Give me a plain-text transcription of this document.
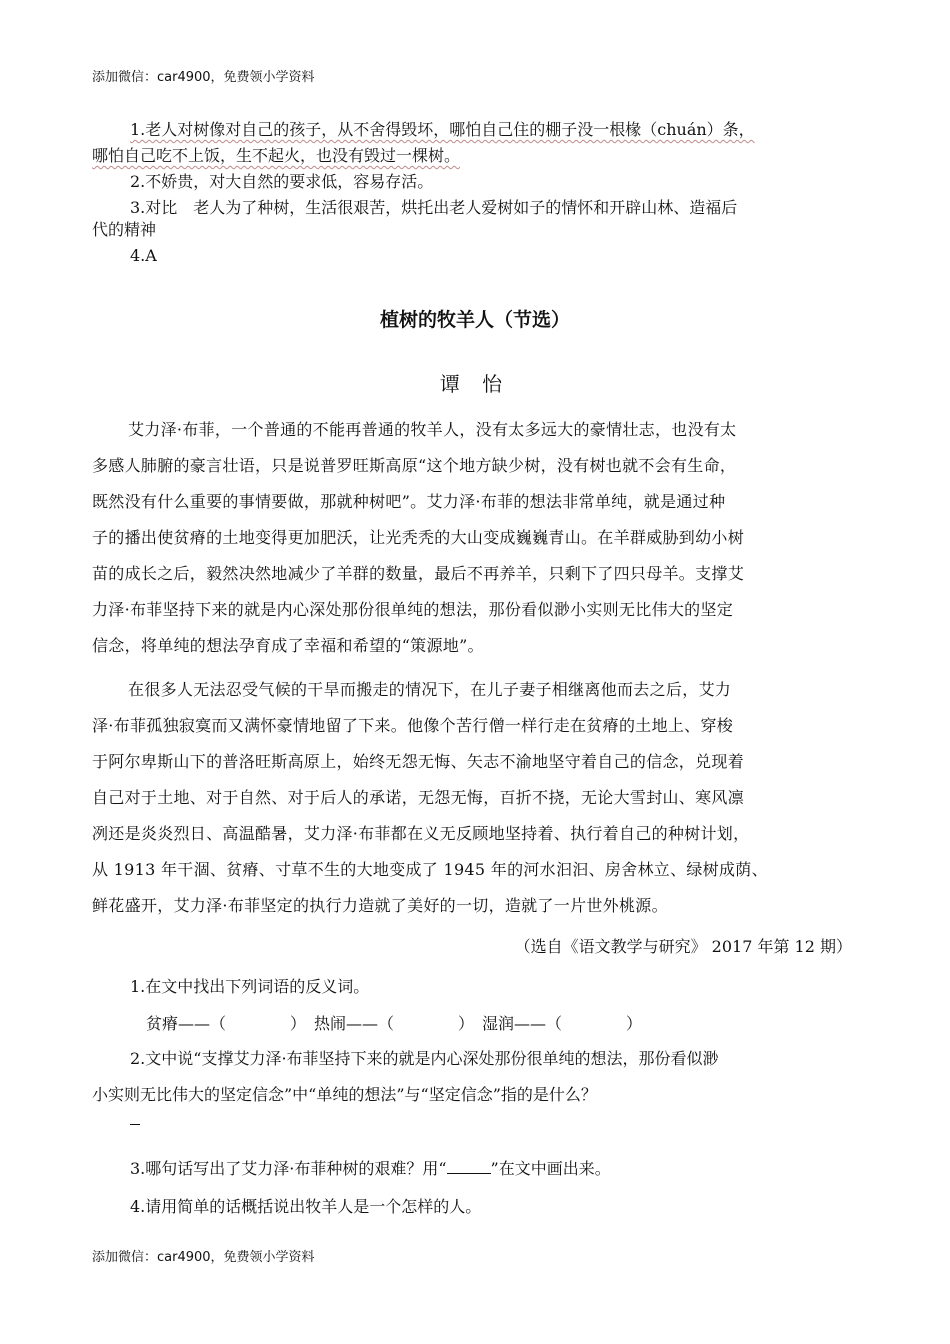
添加微信：car4900，免费领小学资料
1.老人对树像对自己的孩子，从不舍得毁坏，哪怕自己住的棚子没一根椽（chuán）条，
哪怕自己吃不上饭，生不起火，也没有毁过一棵树。
2.不娇贵，对大自然的要求低，容易存活。
3.对比　老人为了种树，生活很艰苦，烘托出老人爱树如子的情怀和开辟山林、造福后
代的精神
4.A
植树的牧羊人（节选）
谭 怡
艾力泽·布菲，一个普通的不能再普通的牧羊人，没有太多远大的豪情壮志，也没有太
多感人肺腑的豪言壮语，只是说普罗旺斯高原“这个地方缺少树，没有树也就不会有生命，
既然没有什么重要的事情要做，那就种树吧”。艾力泽·布菲的想法非常单纯，就是通过种
子的播出使贫瘠的土地变得更加肥沃，让光秃秃的大山变成巍巍青山。在羊群威胁到幼小树
苗的成长之后，毅然决然地减少了羊群的数量，最后不再养羊，只剩下了四只母羊。支撑艾
力泽·布菲坚持下来的就是内心深处那份很单纯的想法，那份看似渺小实则无比伟大的坚定
信念，将单纯的想法孕育成了幸福和希望的“策源地”。
在很多人无法忍受气候的干旱而搬走的情况下，在儿子妻子相继离他而去之后，艾力
泽·布菲孤独寂寞而又满怀豪情地留了下来。他像个苦行僧一样行走在贫瘠的土地上、穿梭
于阿尔卑斯山下的普洛旺斯高原上，始终无怨无悔、矢志不渝地坚守着自己的信念，兑现着
自己对于土地、对于自然、对于后人的承诺，无怨无悔，百折不挠，无论大雪封山、寒风凛
冽还是炎炎烈日、高温酷暑，艾力泽·布菲都在义无反顾地坚持着、执行着自己的种树计划，
从 1913 年干涸、贫瘠、寸草不生的大地变成了 1945 年的河水汩汩、房舍林立、绿树成荫、
鲜花盛开，艾力泽·布菲坚定的执行力造就了美好的一切，造就了一片世外桃源。
（选自《语文教学与研究》 2017 年第 12 期）
1.在文中找出下列词语的反义词。
贫瘠——（　　　　）　热闹——（　　　　）　湿润——（　　　　）
2.文中说“支撑艾力泽·布菲坚持下来的就是内心深处那份很单纯的想法，那份看似渺
小实则无比伟大的坚定信念”中“单纯的想法”与“坚定信念”指的是什么？
3.哪句话写出了艾力泽·布菲种树的艰难？用“	”在文中画出来。
4.请用简单的话概括说出牧羊人是一个怎样的人。
添加微信：car4900，免费领小学资料
